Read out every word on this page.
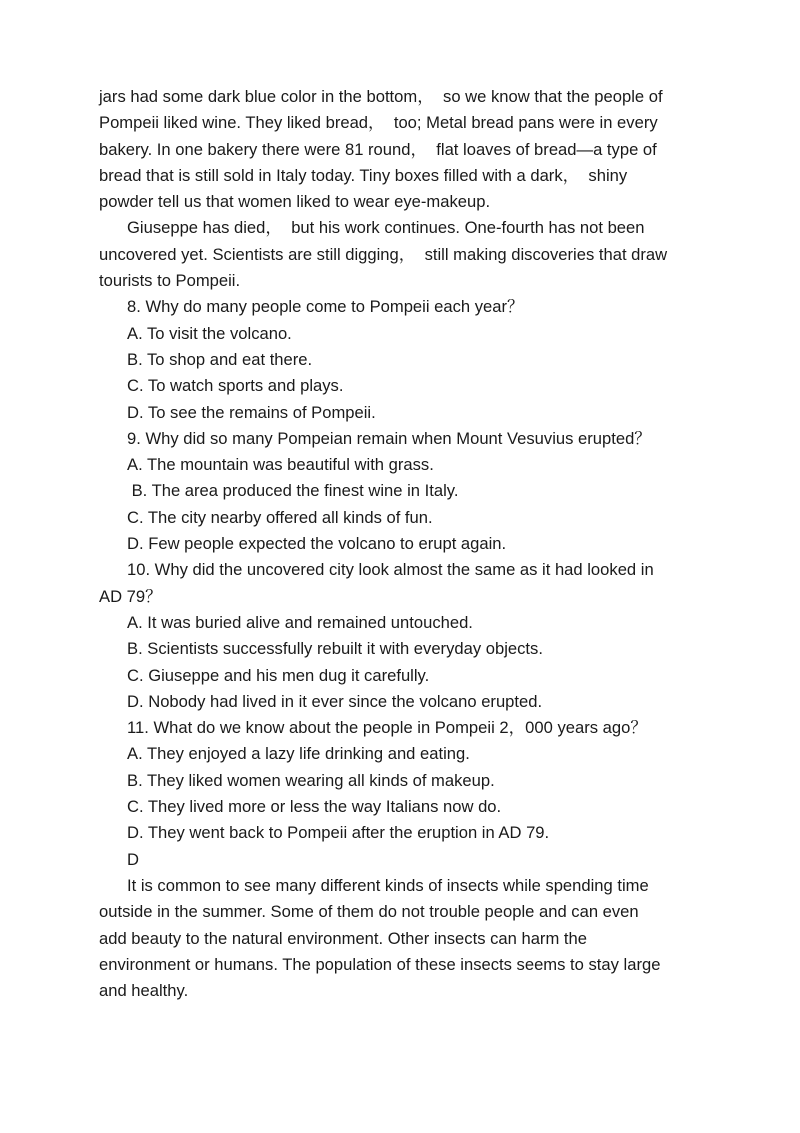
jars had some dark blue color in the bottom，  so we know that the people of
Pompeii liked wine. They liked bread，  too; Metal bread pans were in every
bakery. In one bakery there were 81 round，  flat loaves of bread—a type of
bread that is still sold in Italy today. Tiny boxes filled with a dark，  shiny
powder tell us that women liked to wear eye-makeup.
Giuseppe has died，  but his work continues. One-fourth has not been
uncovered yet. Scientists are still digging，  still making discoveries that draw
tourists to Pompeii.
8. Why do many people come to Pompeii each year？
A. To visit the volcano.
B. To shop and eat there.
C. To watch sports and plays.
D. To see the remains of Pompeii.
9. Why did so many Pompeian remain when Mount Vesuvius erupted？
A. The mountain was beautiful with grass.
B. The area produced the finest wine in Italy.
C. The city nearby offered all kinds of fun.
D. Few people expected the volcano to erupt again.
10. Why did the uncovered city look almost the same as it had looked in
AD 79？
A. It was buried alive and remained untouched.
B. Scientists successfully rebuilt it with everyday objects.
C. Giuseppe and his men dug it carefully.
D. Nobody had lived in it ever since the volcano erupted.
11. What do we know about the people in Pompeii 2，000 years ago？
A. They enjoyed a lazy life drinking and eating.
B. They liked women wearing all kinds of makeup.
C. They lived more or less the way Italians now do.
D. They went back to Pompeii after the eruption in AD 79.
D
It is common to see many different kinds of insects while spending time
outside in the summer. Some of them do not trouble people and can even
add beauty to the natural environment. Other insects can harm the
environment or humans. The population of these insects seems to stay large
and healthy.
